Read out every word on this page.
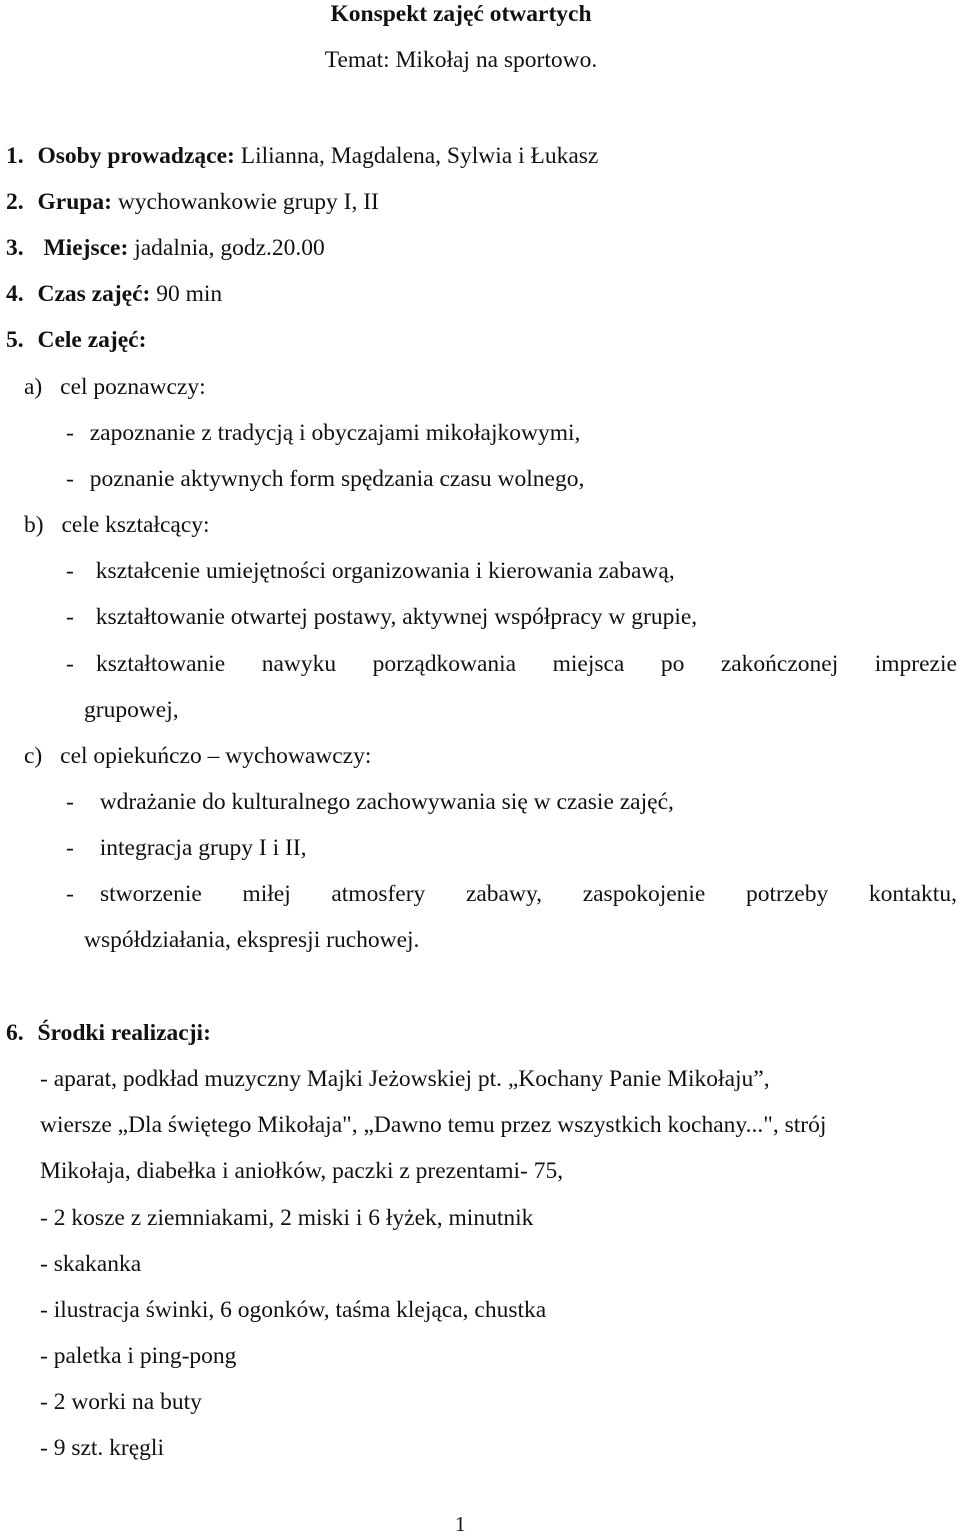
Konspekt zajęć otwartych
Temat: Mikołaj na sportowo.
1. Osoby prowadzące: Lilianna, Magdalena, Sylwia i Łukasz
2. Grupa: wychowankowie grupy I, II
3. Miejsce: jadalnia, godz.20.00
4. Czas zajęć: 90 min
5. Cele zajęć:
a) cel poznawczy:
- zapoznanie z tradycją i obyczajami mikołajkowymi,
- poznanie aktywnych form spędzania czasu wolnego,
b) cele kształcący:
- kształcenie umiejętności organizowania i kierowania zabawą,
- kształtowanie otwartej postawy, aktywnej współpracy w grupie,
- kształtowanie nawyku porządkowania miejsca po zakończonej imprezie
grupowej,
c) cel opiekuńczo – wychowawczy:
- wdrażanie do kulturalnego zachowywania się w czasie zajęć,
- integracja grupy I i II,
- stworzenie miłej atmosfery zabawy, zaspokojenie potrzeby kontaktu,
współdziałania, ekspresji ruchowej.
6. Środki realizacji:
- aparat, podkład muzyczny Majki Jeżowskiej pt. „Kochany Panie Mikołaju”,
wiersze „Dla świętego Mikołaja", „Dawno temu przez wszystkich kochany...", strój
Mikołaja, diabełka i aniołków, paczki z prezentami- 75,
- 2 kosze z ziemniakami, 2 miski i 6 łyżek, minutnik
- skakanka
- ilustracja świnki, 6 ogonków, taśma klejąca, chustka
- paletka i ping-pong
- 2 worki na buty
- 9 szt. kręgli
1
